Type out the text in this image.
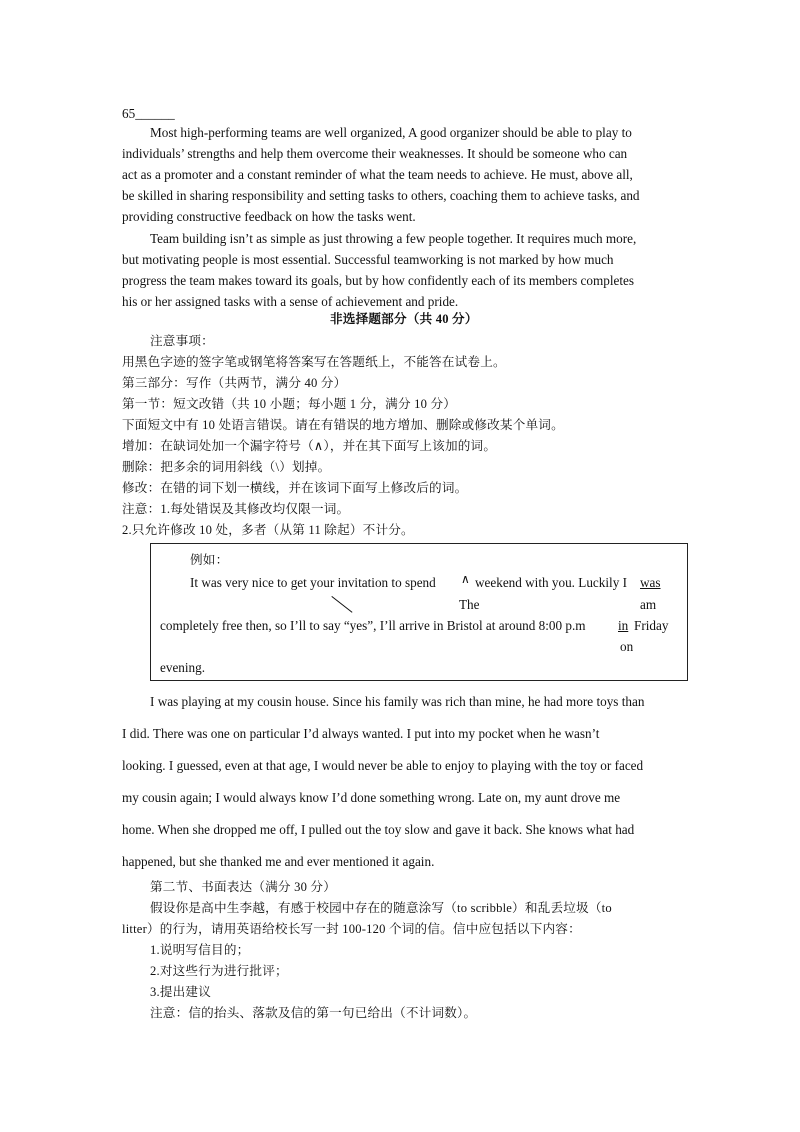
65______
Most high-performing teams are well organized, A good organizer should be able to play to
individuals’ strengths and help them overcome their weaknesses. It should be someone who can
act as a promoter and a constant reminder of what the team needs to achieve. He must, above all,
be skilled in sharing responsibility and setting tasks to others, coaching them to achieve tasks, and
providing constructive feedback on how the tasks went.
Team building isn’t as simple as just throwing a few people together. It requires much more,
but motivating people is most essential. Successful teamworking is not marked by how much
progress the team makes toward its goals, but by how confidently each of its members completes
his or her assigned tasks with a sense of achievement and pride.
非选择题部分（共 40 分）
注意事项：
用黑色字迹的签字笔或钢笔将答案写在答题纸上，不能答在试卷上。
第三部分：写作（共两节，满分 40 分）
第一节：短文改错（共 10 小题；每小题 1 分，满分 10 分）
下面短文中有 10 处语言错误。请在有错误的地方增加、删除或修改某个单词。
增加：在缺词处加一个漏字符号（∧），并在其下面写上该加的词。
删除：把多余的词用斜线（\）划掉。
修改：在错的词下划一横线，并在该词下面写上修改后的词。
注意：1.每处错误及其修改均仅限一词。
2.只允许修改 10 处，多者（从第 11 除起）不计分。
例如：
It was very nice to get your invitation to spend ∧ weekend with you. Luckily I was
The	am
completely free then, so I’ll to say “yes”, I’ll arrive in Bristol at around 8:00 p.m in Friday
on
evening.
I was playing at my cousin house. Since his family was rich than mine, he had more toys than
I did. There was one on particular I’d always wanted. I put into my pocket when he wasn’t
looking. I guessed, even at that age, I would never be able to enjoy to playing with the toy or faced
my cousin again; I would always know I’d done something wrong. Late on, my aunt drove me
home. When she dropped me off, I pulled out the toy slow and gave it back. She knows what had
happened, but she thanked me and ever mentioned it again.
第二节、书面表达（满分 30 分）
假设你是高中生李越，有感于校园中存在的随意涂写（to scribble）和乱丢垃圾（to
litter）的行为，请用英语给校长写一封 100-120 个词的信。信中应包括以下内容：
1.说明写信目的；
2.对这些行为进行批评；
3.提出建议
注意：信的抬头、落款及信的第一句已给出（不计词数）。
